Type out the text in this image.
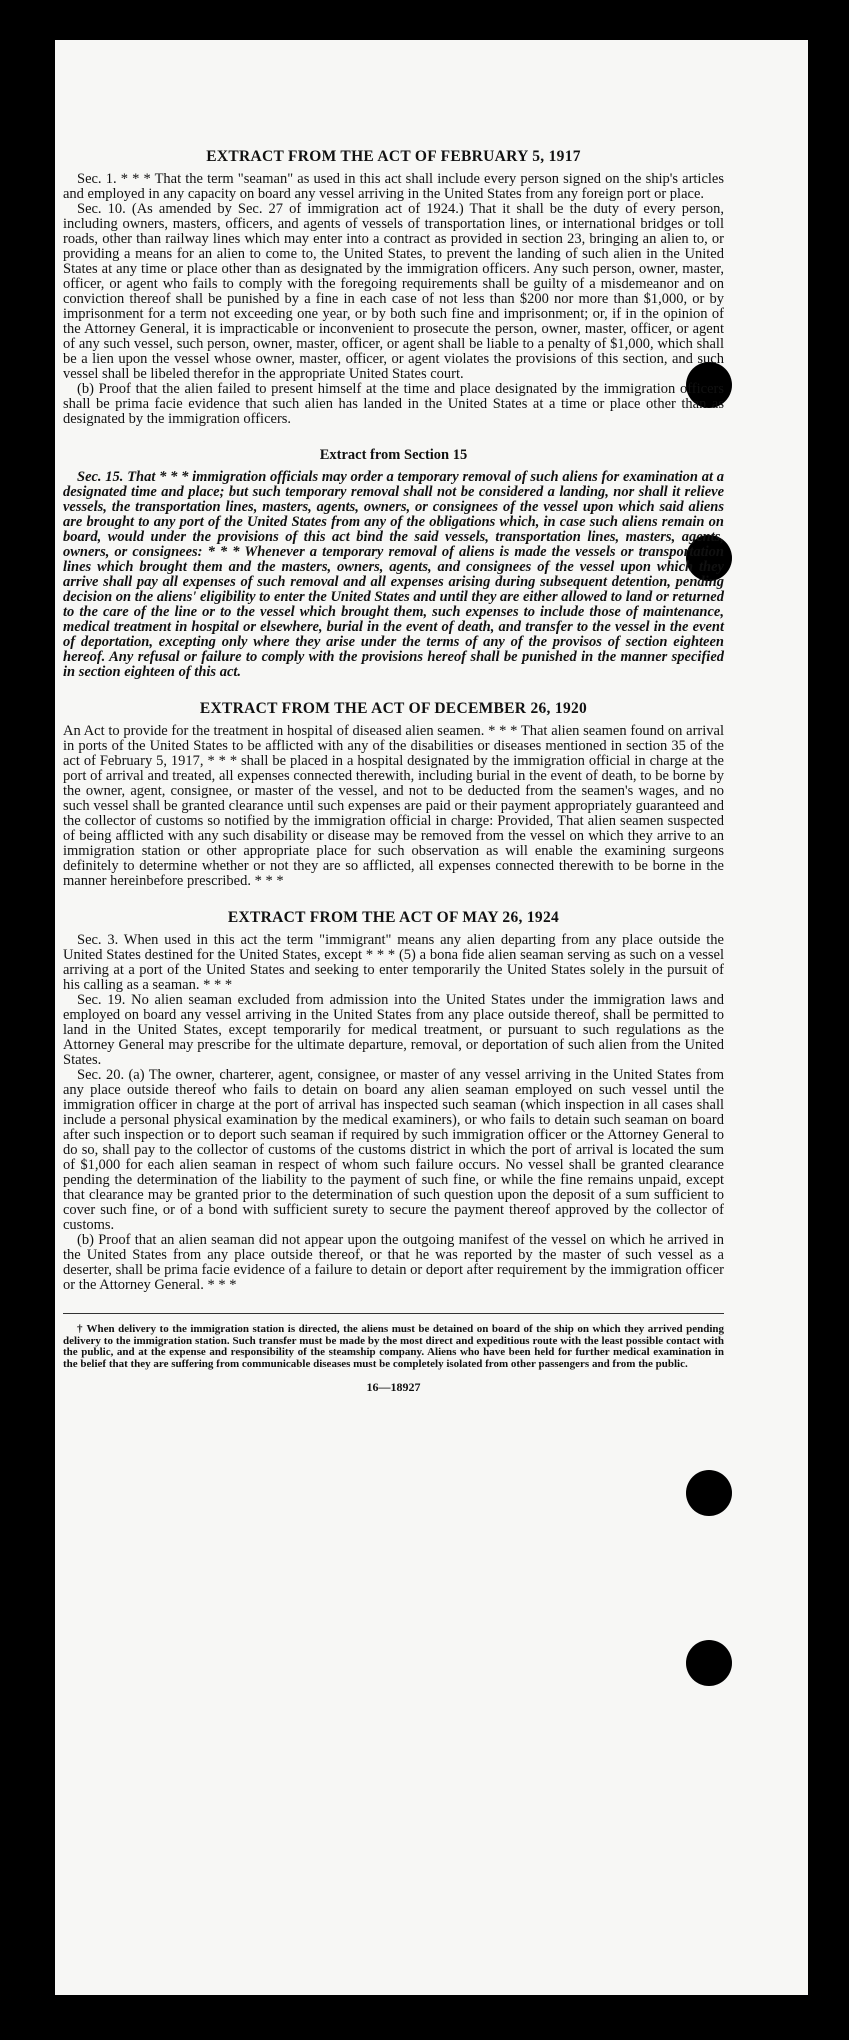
EXTRACT FROM THE ACT OF FEBRUARY 5, 1917

Sec. 1. * * * That the term "seaman" as used in this act shall include every person signed on the ship's articles and employed in any capacity on board any vessel arriving in the United States from any foreign port or place.

Sec. 10. (As amended by Sec. 27 of immigration act of 1924.) That it shall be the duty of every person, including owners, masters, officers, and agents of vessels of transportation lines, or international bridges or toll roads, other than railway lines which may enter into a contract as provided in section 23, bringing an alien to, or providing a means for an alien to come to, the United States, to prevent the landing of such alien in the United States at any time or place other than as designated by the immigration officers. Any such person, owner, master, officer, or agent who fails to comply with the foregoing requirements shall be guilty of a misdemeanor and on conviction thereof shall be punished by a fine in each case of not less than $200 nor more than $1,000, or by imprisonment for a term not exceeding one year, or by both such fine and imprisonment; or, if in the opinion of the Attorney General, it is impracticable or inconvenient to prosecute the person, owner, master, officer, or agent of any such vessel, such person, owner, master, officer, or agent shall be liable to a penalty of $1,000, which shall be a lien upon the vessel whose owner, master, officer, or agent violates the provisions of this section, and such vessel shall be libeled therefor in the appropriate United States court.

(b) Proof that the alien failed to present himself at the time and place designated by the immigration officers shall be prima facie evidence that such alien has landed in the United States at a time or place other than as designated by the immigration officers.

Extract from Section 15

Sec. 15. That * * * immigration officials may order a temporary removal of such aliens for examination at a designated time and place; but such temporary removal shall not be considered a landing, nor shall it relieve vessels, the transportation lines, masters, agents, owners, or consignees of the vessel upon which said aliens are brought to any port of the United States from any of the obligations which, in case such aliens remain on board, would under the provisions of this act bind the said vessels, transportation lines, masters, agents, owners, or consignees: * * * Whenever a temporary removal of aliens is made the vessels or transportation lines which brought them and the masters, owners, agents, and consignees of the vessel upon which they arrive shall pay all expenses of such removal and all expenses arising during subsequent detention, pending decision on the aliens' eligibility to enter the United States and until they are either allowed to land or returned to the care of the line or to the vessel which brought them, such expenses to include those of maintenance, medical treatment in hospital or elsewhere, burial in the event of death, and transfer to the vessel in the event of deportation, excepting only where they arise under the terms of any of the provisos of section eighteen hereof. Any refusal or failure to comply with the provisions hereof shall be punished in the manner specified in section eighteen of this act.

EXTRACT FROM THE ACT OF DECEMBER 26, 1920

An Act to provide for the treatment in hospital of diseased alien seamen. * * * That alien seamen found on arrival in ports of the United States to be afflicted with any of the disabilities or diseases mentioned in section 35 of the act of February 5, 1917, * * * shall be placed in a hospital designated by the immigration official in charge at the port of arrival and treated, all expenses connected therewith, including burial in the event of death, to be borne by the owner, agent, consignee, or master of the vessel, and not to be deducted from the seamen's wages, and no such vessel shall be granted clearance until such expenses are paid or their payment appropriately guaranteed and the collector of customs so notified by the immigration official in charge: Provided, That alien seamen suspected of being afflicted with any such disability or disease may be removed from the vessel on which they arrive to an immigration station or other appropriate place for such observation as will enable the examining surgeons definitely to determine whether or not they are so afflicted, all expenses connected therewith to be borne in the manner hereinbefore prescribed. * * *

EXTRACT FROM THE ACT OF MAY 26, 1924

Sec. 3. When used in this act the term "immigrant" means any alien departing from any place outside the United States destined for the United States, except * * * (5) a bona fide alien seaman serving as such on a vessel arriving at a port of the United States and seeking to enter temporarily the United States solely in the pursuit of his calling as a seaman. * * *

Sec. 19. No alien seaman excluded from admission into the United States under the immigration laws and employed on board any vessel arriving in the United States from any place outside thereof, shall be permitted to land in the United States, except temporarily for medical treatment, or pursuant to such regulations as the Attorney General may prescribe for the ultimate departure, removal, or deportation of such alien from the United States.

Sec. 20. (a) The owner, charterer, agent, consignee, or master of any vessel arriving in the United States from any place outside thereof who fails to detain on board any alien seaman employed on such vessel until the immigration officer in charge at the port of arrival has inspected such seaman (which inspection in all cases shall include a personal physical examination by the medical examiners), or who fails to detain such seaman on board after such inspection or to deport such seaman if required by such immigration officer or the Attorney General to do so, shall pay to the collector of customs of the customs district in which the port of arrival is located the sum of $1,000 for each alien seaman in respect of whom such failure occurs. No vessel shall be granted clearance pending the determination of the liability to the payment of such fine, or while the fine remains unpaid, except that clearance may be granted prior to the determination of such question upon the deposit of a sum sufficient to cover such fine, or of a bond with sufficient surety to secure the payment thereof approved by the collector of customs.

(b) Proof that an alien seaman did not appear upon the outgoing manifest of the vessel on which he arrived in the United States from any place outside thereof, or that he was reported by the master of such vessel as a deserter, shall be prima facie evidence of a failure to detain or deport after requirement by the immigration officer or the Attorney General. * * *

† When delivery to the immigration station is directed, the aliens must be detained on board of the ship on which they arrived pending delivery to the immigration station. Such transfer must be made by the most direct and expeditious route with the least possible contact with the public, and at the expense and responsibility of the steamship company. Aliens who have been held for further medical examination in the belief that they are suffering from communicable diseases must be completely isolated from other passengers and from the public.

16—18927
